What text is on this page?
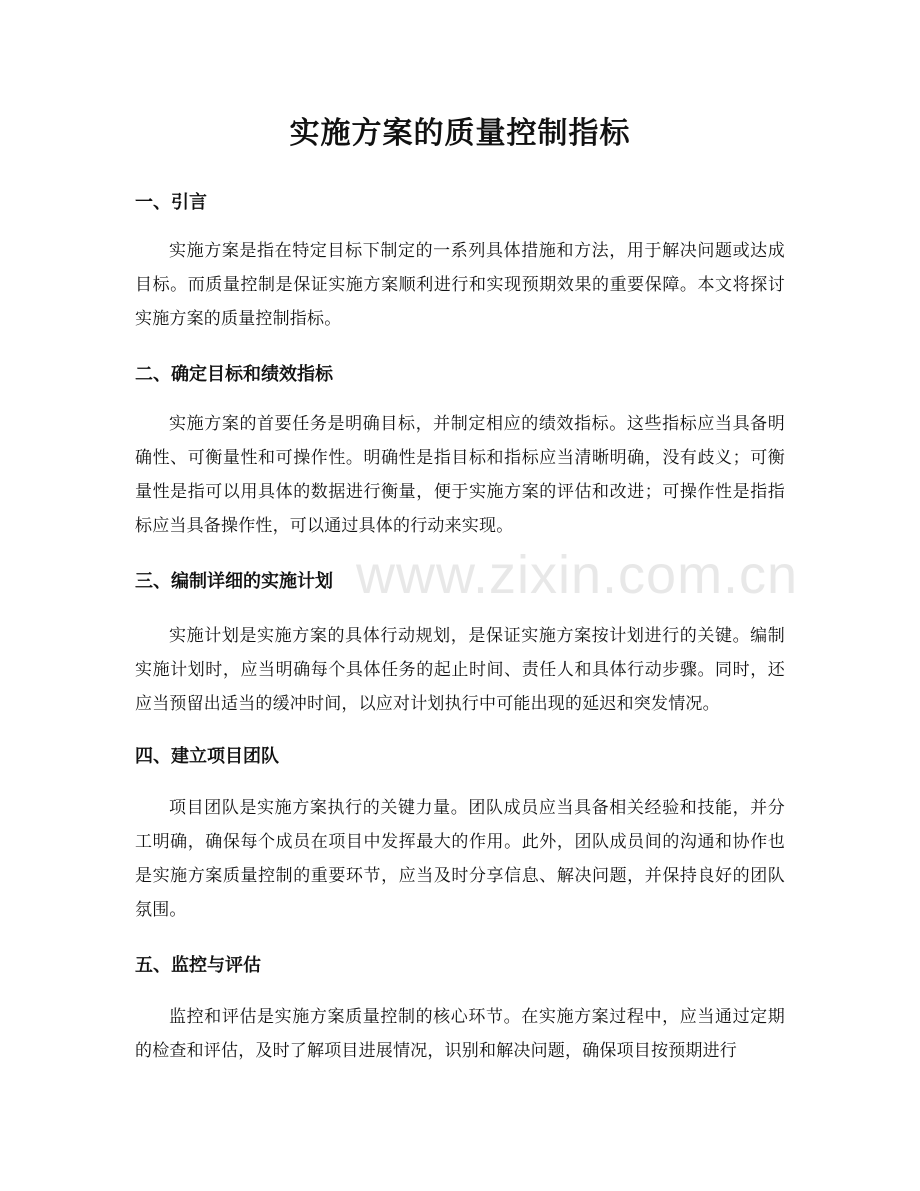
实施方案的质量控制指标
一、引言

实施方案是指在特定目标下制定的一系列具体措施和方法，用于解决问题或达成目标。而质量控制是保证实施方案顺利进行和实现预期效果的重要保障。本文将探讨实施方案的质量控制指标。

二、确定目标和绩效指标

实施方案的首要任务是明确目标，并制定相应的绩效指标。这些指标应当具备明确性、可衡量性和可操作性。明确性是指目标和指标应当清晰明确，没有歧义；可衡量性是指可以用具体的数据进行衡量，便于实施方案的评估和改进；可操作性是指指标应当具备操作性，可以通过具体的行动来实现。

三、编制详细的实施计划

实施计划是实施方案的具体行动规划，是保证实施方案按计划进行的关键。编制实施计划时，应当明确每个具体任务的起止时间、责任人和具体行动步骤。同时，还应当预留出适当的缓冲时间，以应对计划执行中可能出现的延迟和突发情况。

四、建立项目团队

项目团队是实施方案执行的关键力量。团队成员应当具备相关经验和技能，并分工明确，确保每个成员在项目中发挥最大的作用。此外，团队成员间的沟通和协作也是实施方案质量控制的重要环节，应当及时分享信息、解决问题，并保持良好的团队氛围。

五、监控与评估

监控和评估是实施方案质量控制的核心环节。在实施方案过程中，应当通过定期的检查和评估，及时了解项目进展情况，识别和解决问题，确保项目按预期进行

www.zixin.com.cn
